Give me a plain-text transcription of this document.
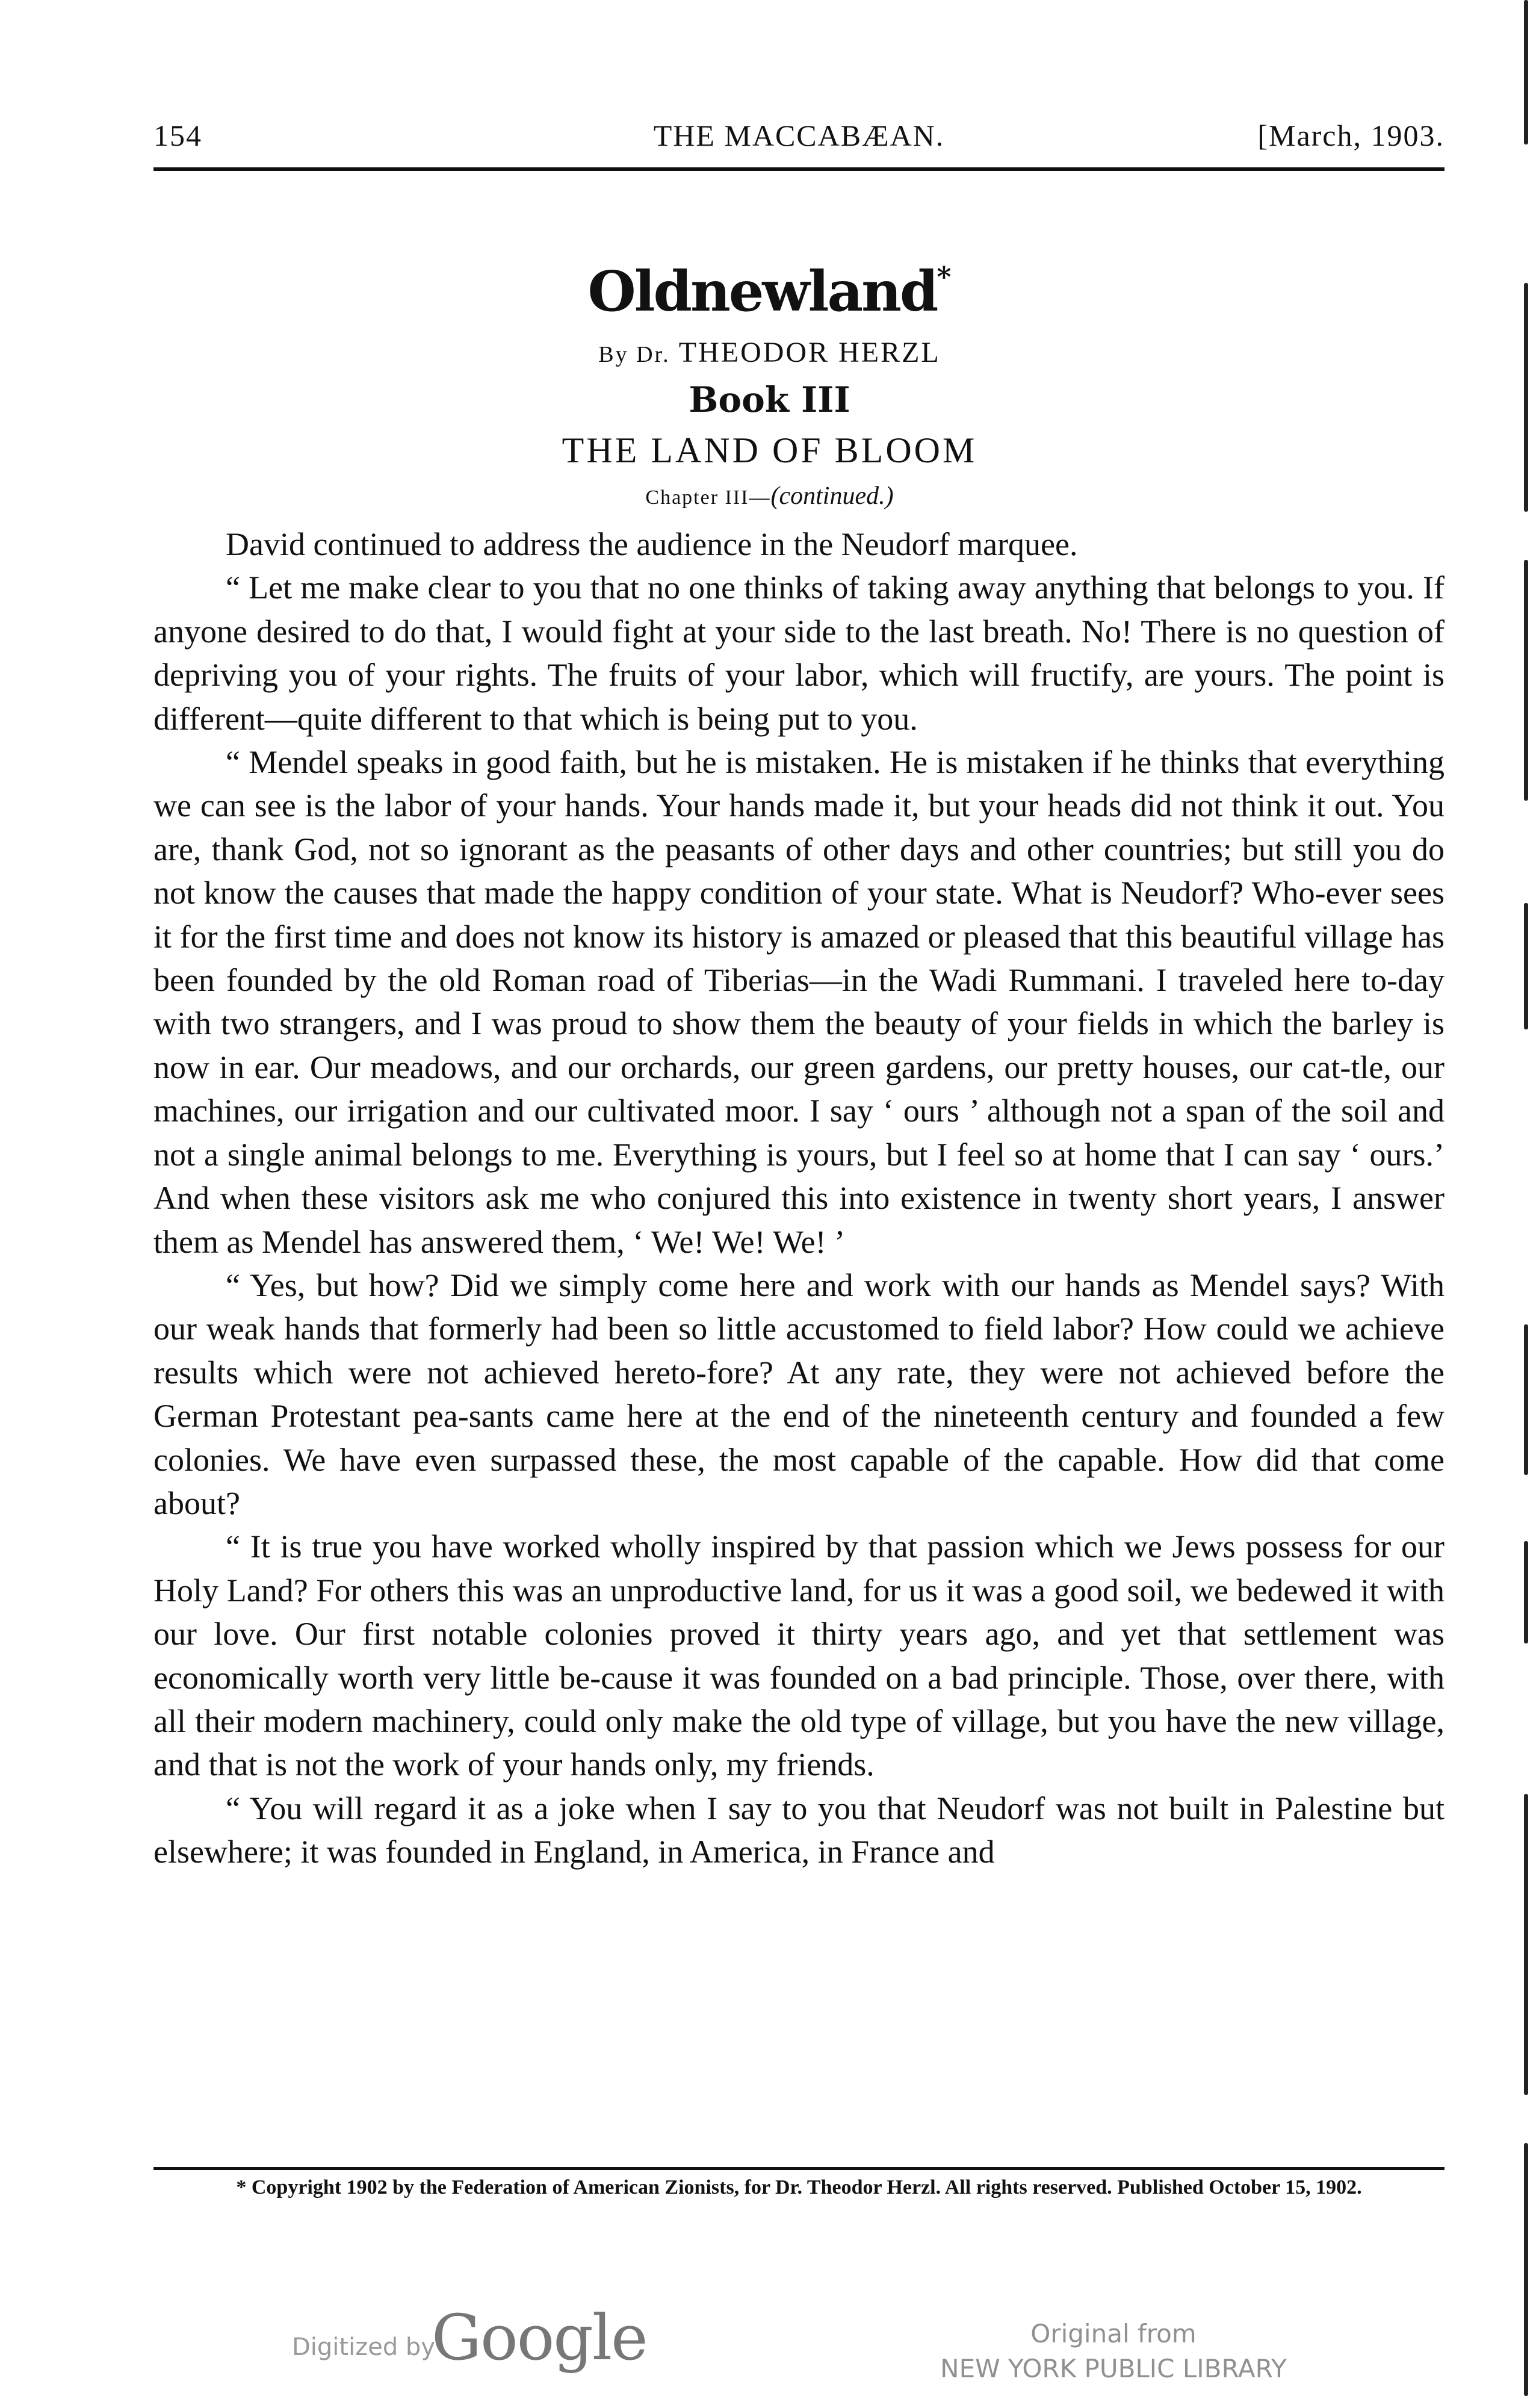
154	THE MACCABÆAN.	[March, 1903.
Oldnewland*
By Dr. THEODOR HERZL
Book III
THE LAND OF BLOOM
Chapter III—(continued.)

David continued to address the audience in the Neudorf marquee.

“ Let me make clear to you that no one thinks of taking away anything that belongs to you. If anyone desired to do that, I would fight at your side to the last breath. No! There is no question of depriving you of your rights. The fruits of your labor, which will fructify, are yours. The point is different—quite different to that which is being put to you.

“ Mendel speaks in good faith, but he is mistaken. He is mistaken if he thinks that everything we can see is the labor of your hands. Your hands made it, but your heads did not think it out. You are, thank God, not so ignorant as the peasants of other days and other countries; but still you do not know the causes that made the happy condition of your state. What is Neudorf? Who-ever sees it for the first time and does not know its history is amazed or pleased that this beautiful village has been founded by the old Roman road of Tiberias—in the Wadi Rummani. I traveled here to-day with two strangers, and I was proud to show them the beauty of your fields in which the barley is now in ear. Our meadows, and our orchards, our green gardens, our pretty houses, our cat-tle, our machines, our irrigation and our cultivated moor. I say ‘ ours ’ although not a span of the soil and not a single animal belongs to me. Everything is yours, but I feel so at home that I can say ‘ ours.’ And when these visitors ask me who conjured this into existence in twenty short years, I answer them as Mendel has answered them, ‘ We! We! We! ’

“ Yes, but how? Did we simply come here and work with our hands as Mendel says? With our weak hands that formerly had been so little accustomed to field labor? How could we achieve results which were not achieved hereto-fore? At any rate, they were not achieved before the German Protestant pea-sants came here at the end of the nineteenth century and founded a few colonies. We have even surpassed these, the most capable of the capable. How did that come about?

“ It is true you have worked wholly inspired by that passion which we Jews possess for our Holy Land? For others this was an unproductive land, for us it was a good soil, we bedewed it with our love. Our first notable colonies proved it thirty years ago, and yet that settlement was economically worth very little be-cause it was founded on a bad principle. Those, over there, with all their modern machinery, could only make the old type of village, but you have the new village, and that is not the work of your hands only, my friends.

“ You will regard it as a joke when I say to you that Neudorf was not built in Palestine but elsewhere; it was founded in England, in America, in France and

* Copyright 1902 by the Federation of American Zionists, for Dr. Theodor Herzl. All rights reserved. Published October 15, 1902.
Digitized by
Google	Original from
NEW YORK PUBLIC LIBRARY
